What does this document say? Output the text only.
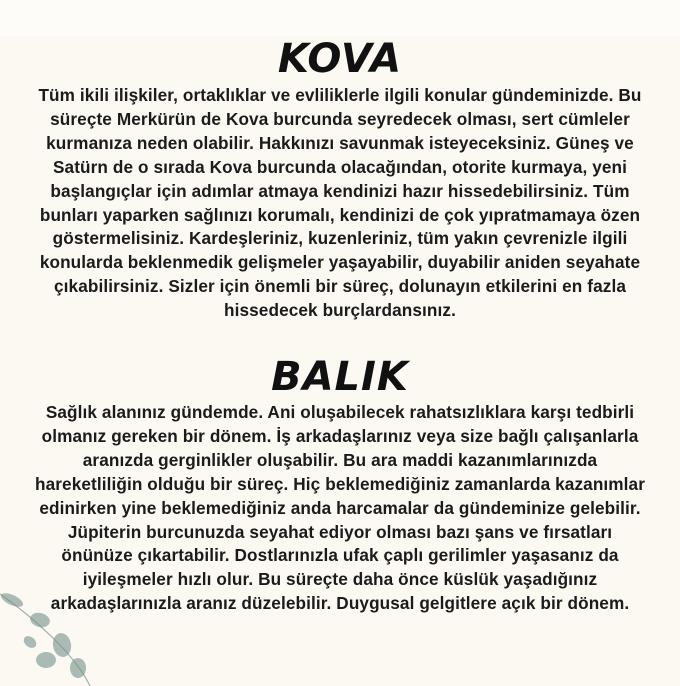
KOVA
Tüm ikili ilişkiler, ortaklıklar ve evliliklerle ilgili konular gündeminizde. Bu
süreçte Merkürün de Kova burcunda seyredecek olması, sert cümleler
kurmanıza neden olabilir. Hakkınızı savunmak isteyeceksiniz. Güneş ve
Satürn de o sırada Kova burcunda olacağından, otorite kurmaya, yeni
başlangıçlar için adımlar atmaya kendinizi hazır hissedebilirsiniz. Tüm
bunları yaparken sağlınızı korumalı, kendinizi de çok yıpratmamaya özen
göstermelisiniz. Kardeşleriniz, kuzenleriniz, tüm yakın çevrenizle ilgili
konularda beklenmedik gelişmeler yaşayabilir, duyabilir aniden seyahate
çıkabilirsiniz. Sizler için önemli bir süreç, dolunayın etkilerini en fazla
hissedecek burçlardansınız.
BALIK
Sağlık alanınız gündemde. Ani oluşabilecek rahatsızlıklara karşı tedbirli
olmanız gereken bir dönem. İş arkadaşlarınız veya size bağlı çalışanlarla
aranızda gerginlikler oluşabilir. Bu ara maddi kazanımlarınızda
hareketliliğin olduğu bir süreç. Hiç beklemediğiniz zamanlarda kazanımlar
edinirken yine beklemediğiniz anda harcamalar da gündeminize gelebilir.
Jüpiterin burcunuzda seyahat ediyor olması bazı şans ve fırsatları
önünüze çıkartabilir. Dostlarınızla ufak çaplı gerilimler yaşasanız da
iyileşmeler hızlı olur. Bu süreçte daha önce küslük yaşadığınız
arkadaşlarınızla aranız düzelebilir. Duygusal gelgitlere açık bir dönem.
